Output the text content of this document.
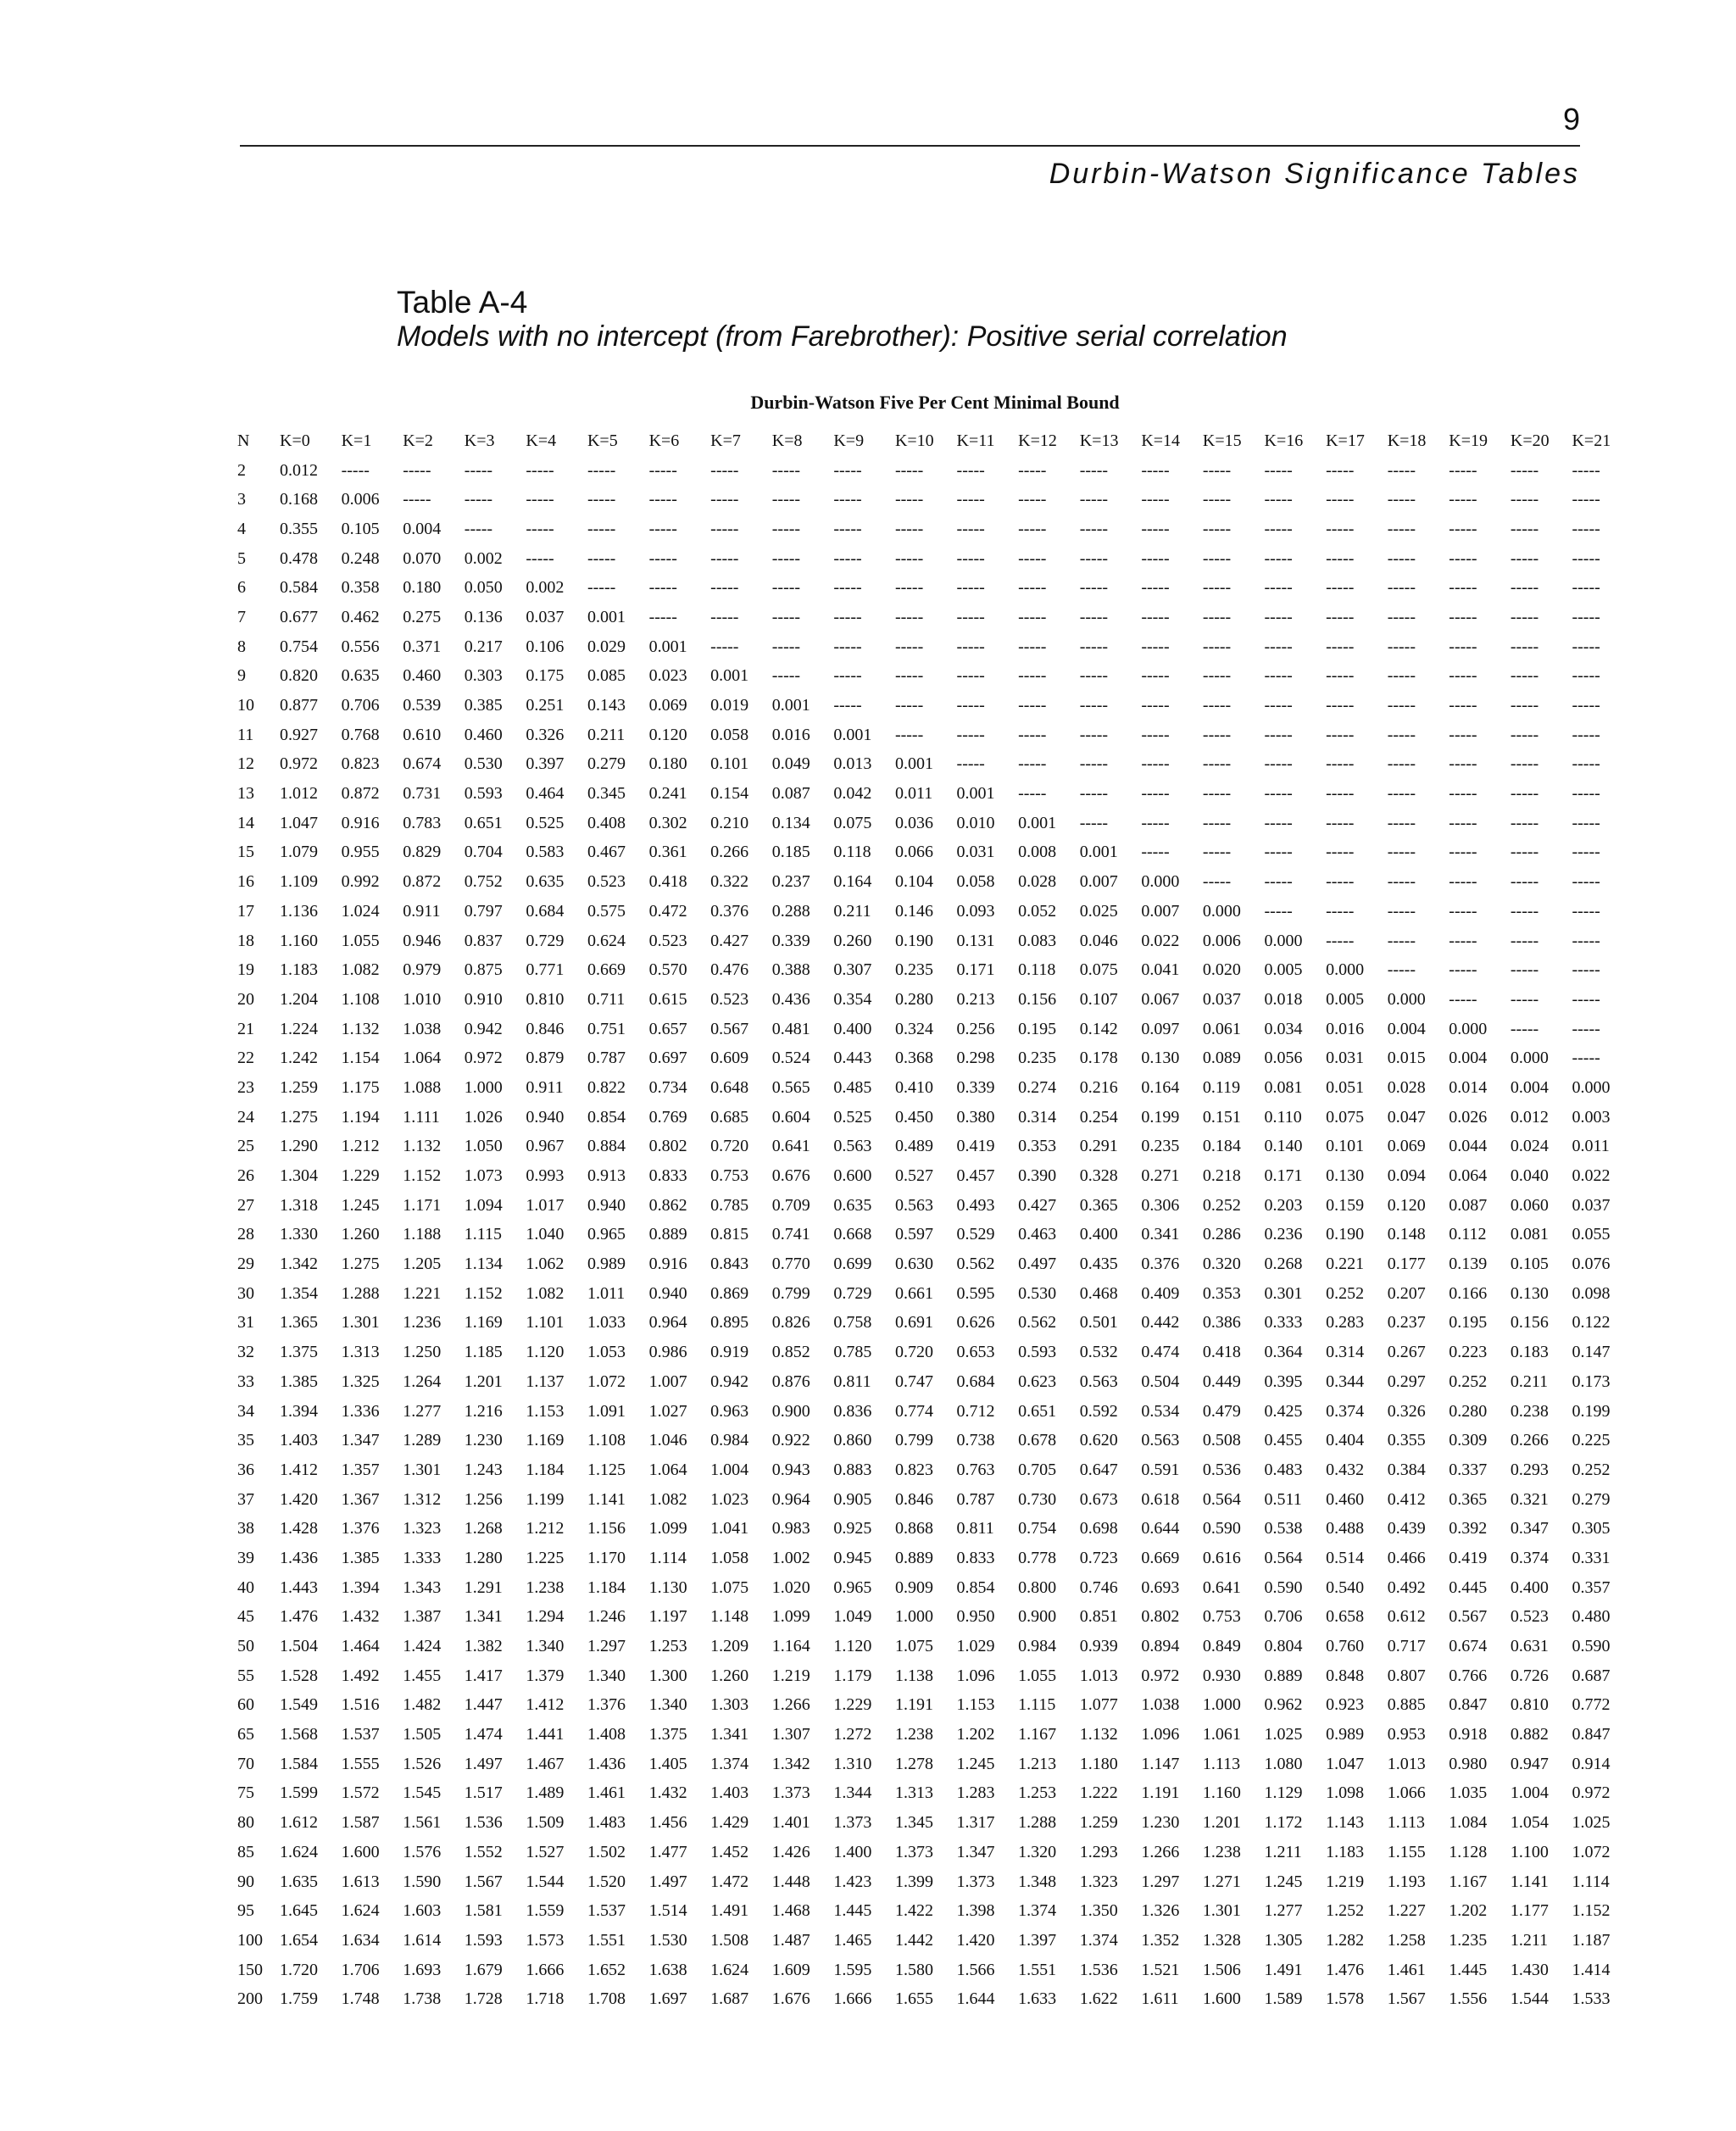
9
Durbin-Watson Significance Tables
Table A-4
Models with no intercept (from Farebrother): Positive serial correlation
Durbin-Watson Five Per Cent Minimal Bound
N	K=0	K=1	K=2	K=3	K=4	K=5	K=6	K=7	K=8	K=9	K=10	K=11	K=12	K=13	K=14	K=15	K=16	K=17	K=18	K=19	K=20	K=21
2	0.012	-----	-----	-----	-----	-----	-----	-----	-----	-----	-----	-----	-----	-----	-----	-----	-----	-----	-----	-----	-----	-----
3	0.168	0.006	-----	-----	-----	-----	-----	-----	-----	-----	-----	-----	-----	-----	-----	-----	-----	-----	-----	-----	-----	-----
4	0.355	0.105	0.004	-----	-----	-----	-----	-----	-----	-----	-----	-----	-----	-----	-----	-----	-----	-----	-----	-----	-----	-----
5	0.478	0.248	0.070	0.002	-----	-----	-----	-----	-----	-----	-----	-----	-----	-----	-----	-----	-----	-----	-----	-----	-----	-----
6	0.584	0.358	0.180	0.050	0.002	-----	-----	-----	-----	-----	-----	-----	-----	-----	-----	-----	-----	-----	-----	-----	-----	-----
7	0.677	0.462	0.275	0.136	0.037	0.001	-----	-----	-----	-----	-----	-----	-----	-----	-----	-----	-----	-----	-----	-----	-----	-----
8	0.754	0.556	0.371	0.217	0.106	0.029	0.001	-----	-----	-----	-----	-----	-----	-----	-----	-----	-----	-----	-----	-----	-----	-----
9	0.820	0.635	0.460	0.303	0.175	0.085	0.023	0.001	-----	-----	-----	-----	-----	-----	-----	-----	-----	-----	-----	-----	-----	-----
10	0.877	0.706	0.539	0.385	0.251	0.143	0.069	0.019	0.001	-----	-----	-----	-----	-----	-----	-----	-----	-----	-----	-----	-----	-----
11	0.927	0.768	0.610	0.460	0.326	0.211	0.120	0.058	0.016	0.001	-----	-----	-----	-----	-----	-----	-----	-----	-----	-----	-----	-----
12	0.972	0.823	0.674	0.530	0.397	0.279	0.180	0.101	0.049	0.013	0.001	-----	-----	-----	-----	-----	-----	-----	-----	-----	-----	-----
13	1.012	0.872	0.731	0.593	0.464	0.345	0.241	0.154	0.087	0.042	0.011	0.001	-----	-----	-----	-----	-----	-----	-----	-----	-----	-----
14	1.047	0.916	0.783	0.651	0.525	0.408	0.302	0.210	0.134	0.075	0.036	0.010	0.001	-----	-----	-----	-----	-----	-----	-----	-----	-----
15	1.079	0.955	0.829	0.704	0.583	0.467	0.361	0.266	0.185	0.118	0.066	0.031	0.008	0.001	-----	-----	-----	-----	-----	-----	-----	-----
16	1.109	0.992	0.872	0.752	0.635	0.523	0.418	0.322	0.237	0.164	0.104	0.058	0.028	0.007	0.000	-----	-----	-----	-----	-----	-----	-----
17	1.136	1.024	0.911	0.797	0.684	0.575	0.472	0.376	0.288	0.211	0.146	0.093	0.052	0.025	0.007	0.000	-----	-----	-----	-----	-----	-----
18	1.160	1.055	0.946	0.837	0.729	0.624	0.523	0.427	0.339	0.260	0.190	0.131	0.083	0.046	0.022	0.006	0.000	-----	-----	-----	-----	-----
19	1.183	1.082	0.979	0.875	0.771	0.669	0.570	0.476	0.388	0.307	0.235	0.171	0.118	0.075	0.041	0.020	0.005	0.000	-----	-----	-----	-----
20	1.204	1.108	1.010	0.910	0.810	0.711	0.615	0.523	0.436	0.354	0.280	0.213	0.156	0.107	0.067	0.037	0.018	0.005	0.000	-----	-----	-----
21	1.224	1.132	1.038	0.942	0.846	0.751	0.657	0.567	0.481	0.400	0.324	0.256	0.195	0.142	0.097	0.061	0.034	0.016	0.004	0.000	-----	-----
22	1.242	1.154	1.064	0.972	0.879	0.787	0.697	0.609	0.524	0.443	0.368	0.298	0.235	0.178	0.130	0.089	0.056	0.031	0.015	0.004	0.000	-----
23	1.259	1.175	1.088	1.000	0.911	0.822	0.734	0.648	0.565	0.485	0.410	0.339	0.274	0.216	0.164	0.119	0.081	0.051	0.028	0.014	0.004	0.000
24	1.275	1.194	1.111	1.026	0.940	0.854	0.769	0.685	0.604	0.525	0.450	0.380	0.314	0.254	0.199	0.151	0.110	0.075	0.047	0.026	0.012	0.003
25	1.290	1.212	1.132	1.050	0.967	0.884	0.802	0.720	0.641	0.563	0.489	0.419	0.353	0.291	0.235	0.184	0.140	0.101	0.069	0.044	0.024	0.011
26	1.304	1.229	1.152	1.073	0.993	0.913	0.833	0.753	0.676	0.600	0.527	0.457	0.390	0.328	0.271	0.218	0.171	0.130	0.094	0.064	0.040	0.022
27	1.318	1.245	1.171	1.094	1.017	0.940	0.862	0.785	0.709	0.635	0.563	0.493	0.427	0.365	0.306	0.252	0.203	0.159	0.120	0.087	0.060	0.037
28	1.330	1.260	1.188	1.115	1.040	0.965	0.889	0.815	0.741	0.668	0.597	0.529	0.463	0.400	0.341	0.286	0.236	0.190	0.148	0.112	0.081	0.055
29	1.342	1.275	1.205	1.134	1.062	0.989	0.916	0.843	0.770	0.699	0.630	0.562	0.497	0.435	0.376	0.320	0.268	0.221	0.177	0.139	0.105	0.076
30	1.354	1.288	1.221	1.152	1.082	1.011	0.940	0.869	0.799	0.729	0.661	0.595	0.530	0.468	0.409	0.353	0.301	0.252	0.207	0.166	0.130	0.098
31	1.365	1.301	1.236	1.169	1.101	1.033	0.964	0.895	0.826	0.758	0.691	0.626	0.562	0.501	0.442	0.386	0.333	0.283	0.237	0.195	0.156	0.122
32	1.375	1.313	1.250	1.185	1.120	1.053	0.986	0.919	0.852	0.785	0.720	0.653	0.593	0.532	0.474	0.418	0.364	0.314	0.267	0.223	0.183	0.147
33	1.385	1.325	1.264	1.201	1.137	1.072	1.007	0.942	0.876	0.811	0.747	0.684	0.623	0.563	0.504	0.449	0.395	0.344	0.297	0.252	0.211	0.173
34	1.394	1.336	1.277	1.216	1.153	1.091	1.027	0.963	0.900	0.836	0.774	0.712	0.651	0.592	0.534	0.479	0.425	0.374	0.326	0.280	0.238	0.199
35	1.403	1.347	1.289	1.230	1.169	1.108	1.046	0.984	0.922	0.860	0.799	0.738	0.678	0.620	0.563	0.508	0.455	0.404	0.355	0.309	0.266	0.225
36	1.412	1.357	1.301	1.243	1.184	1.125	1.064	1.004	0.943	0.883	0.823	0.763	0.705	0.647	0.591	0.536	0.483	0.432	0.384	0.337	0.293	0.252
37	1.420	1.367	1.312	1.256	1.199	1.141	1.082	1.023	0.964	0.905	0.846	0.787	0.730	0.673	0.618	0.564	0.511	0.460	0.412	0.365	0.321	0.279
38	1.428	1.376	1.323	1.268	1.212	1.156	1.099	1.041	0.983	0.925	0.868	0.811	0.754	0.698	0.644	0.590	0.538	0.488	0.439	0.392	0.347	0.305
39	1.436	1.385	1.333	1.280	1.225	1.170	1.114	1.058	1.002	0.945	0.889	0.833	0.778	0.723	0.669	0.616	0.564	0.514	0.466	0.419	0.374	0.331
40	1.443	1.394	1.343	1.291	1.238	1.184	1.130	1.075	1.020	0.965	0.909	0.854	0.800	0.746	0.693	0.641	0.590	0.540	0.492	0.445	0.400	0.357
45	1.476	1.432	1.387	1.341	1.294	1.246	1.197	1.148	1.099	1.049	1.000	0.950	0.900	0.851	0.802	0.753	0.706	0.658	0.612	0.567	0.523	0.480
50	1.504	1.464	1.424	1.382	1.340	1.297	1.253	1.209	1.164	1.120	1.075	1.029	0.984	0.939	0.894	0.849	0.804	0.760	0.717	0.674	0.631	0.590
55	1.528	1.492	1.455	1.417	1.379	1.340	1.300	1.260	1.219	1.179	1.138	1.096	1.055	1.013	0.972	0.930	0.889	0.848	0.807	0.766	0.726	0.687
60	1.549	1.516	1.482	1.447	1.412	1.376	1.340	1.303	1.266	1.229	1.191	1.153	1.115	1.077	1.038	1.000	0.962	0.923	0.885	0.847	0.810	0.772
65	1.568	1.537	1.505	1.474	1.441	1.408	1.375	1.341	1.307	1.272	1.238	1.202	1.167	1.132	1.096	1.061	1.025	0.989	0.953	0.918	0.882	0.847
70	1.584	1.555	1.526	1.497	1.467	1.436	1.405	1.374	1.342	1.310	1.278	1.245	1.213	1.180	1.147	1.113	1.080	1.047	1.013	0.980	0.947	0.914
75	1.599	1.572	1.545	1.517	1.489	1.461	1.432	1.403	1.373	1.344	1.313	1.283	1.253	1.222	1.191	1.160	1.129	1.098	1.066	1.035	1.004	0.972
80	1.612	1.587	1.561	1.536	1.509	1.483	1.456	1.429	1.401	1.373	1.345	1.317	1.288	1.259	1.230	1.201	1.172	1.143	1.113	1.084	1.054	1.025
85	1.624	1.600	1.576	1.552	1.527	1.502	1.477	1.452	1.426	1.400	1.373	1.347	1.320	1.293	1.266	1.238	1.211	1.183	1.155	1.128	1.100	1.072
90	1.635	1.613	1.590	1.567	1.544	1.520	1.497	1.472	1.448	1.423	1.399	1.373	1.348	1.323	1.297	1.271	1.245	1.219	1.193	1.167	1.141	1.114
95	1.645	1.624	1.603	1.581	1.559	1.537	1.514	1.491	1.468	1.445	1.422	1.398	1.374	1.350	1.326	1.301	1.277	1.252	1.227	1.202	1.177	1.152
100	1.654	1.634	1.614	1.593	1.573	1.551	1.530	1.508	1.487	1.465	1.442	1.420	1.397	1.374	1.352	1.328	1.305	1.282	1.258	1.235	1.211	1.187
150	1.720	1.706	1.693	1.679	1.666	1.652	1.638	1.624	1.609	1.595	1.580	1.566	1.551	1.536	1.521	1.506	1.491	1.476	1.461	1.445	1.430	1.414
200	1.759	1.748	1.738	1.728	1.718	1.708	1.697	1.687	1.676	1.666	1.655	1.644	1.633	1.622	1.611	1.600	1.589	1.578	1.567	1.556	1.544	1.533
